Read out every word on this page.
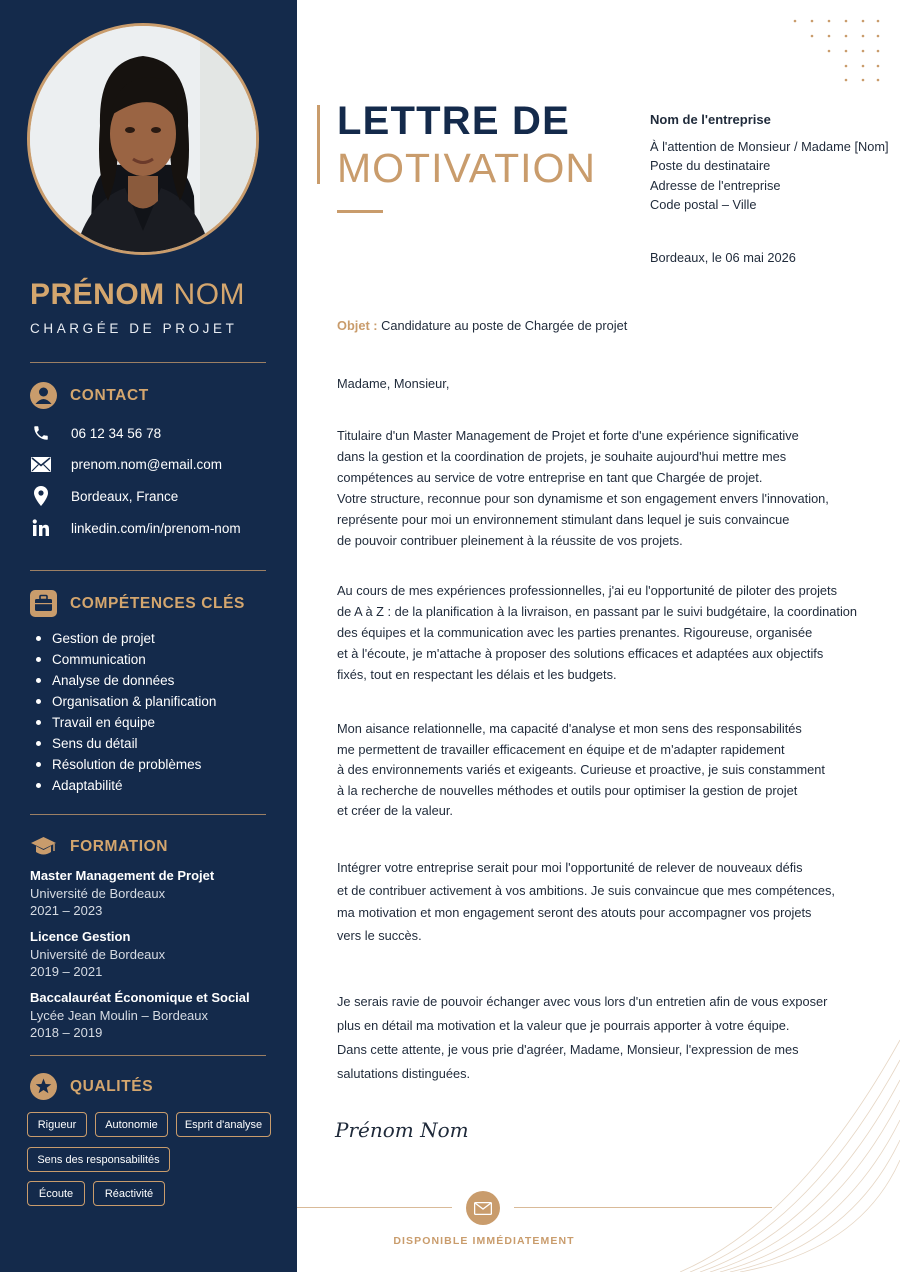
PRÉNOM NOM
CHARGÉE DE PROJET
CONTACT
06 12 34 56 78
prenom.nom@email.com
Bordeaux, France
linkedin.com/in/prenom-nom
COMPÉTENCES CLÉS
Gestion de projet
Communication
Analyse de données
Organisation & planification
Travail en équipe
Sens du détail
Résolution de problèmes
Adaptabilité
FORMATION
Master Management de Projet
Université de Bordeaux
2021 – 2023
Licence Gestion
Université de Bordeaux
2019 – 2021
Baccalauréat Économique et Social
Lycée Jean Moulin – Bordeaux
2018 – 2019
QUALITÉS
Rigueur	Autonomie	Esprit d'analyse
Sens des responsabilités
Écoute	Réactivité
LETTRE DE
MOTIVATION
Nom de l'entreprise
À l'attention de Monsieur / Madame [Nom]
Poste du destinataire
Adresse de l'entreprise
Code postal – Ville
Bordeaux, le 06 mai 2026
Objet : Candidature au poste de Chargée de projet
Madame, Monsieur,
Titulaire d'un Master Management de Projet et forte d'une expérience significative
dans la gestion et la coordination de projets, je souhaite aujourd'hui mettre mes
compétences au service de votre entreprise en tant que Chargée de projet.
Votre structure, reconnue pour son dynamisme et son engagement envers l'innovation,
représente pour moi un environnement stimulant dans lequel je suis convaincue
de pouvoir contribuer pleinement à la réussite de vos projets.
Au cours de mes expériences professionnelles, j'ai eu l'opportunité de piloter des projets
de A à Z : de la planification à la livraison, en passant par le suivi budgétaire, la coordination
des équipes et la communication avec les parties prenantes. Rigoureuse, organisée
et à l'écoute, je m'attache à proposer des solutions efficaces et adaptées aux objectifs
fixés, tout en respectant les délais et les budgets.
Mon aisance relationnelle, ma capacité d'analyse et mon sens des responsabilités
me permettent de travailler efficacement en équipe et de m'adapter rapidement
à des environnements variés et exigeants. Curieuse et proactive, je suis constamment
à la recherche de nouvelles méthodes et outils pour optimiser la gestion de projet
et créer de la valeur.
Intégrer votre entreprise serait pour moi l'opportunité de relever de nouveaux défis
et de contribuer activement à vos ambitions. Je suis convaincue que mes compétences,
ma motivation et mon engagement seront des atouts pour accompagner vos projets
vers le succès.
Je serais ravie de pouvoir échanger avec vous lors d'un entretien afin de vous exposer
plus en détail ma motivation et la valeur que je pourrais apporter à votre équipe.
Dans cette attente, je vous prie d'agréer, Madame, Monsieur, l'expression de mes
salutations distinguées.
Prénom Nom
DISPONIBLE IMMÉDIATEMENT
